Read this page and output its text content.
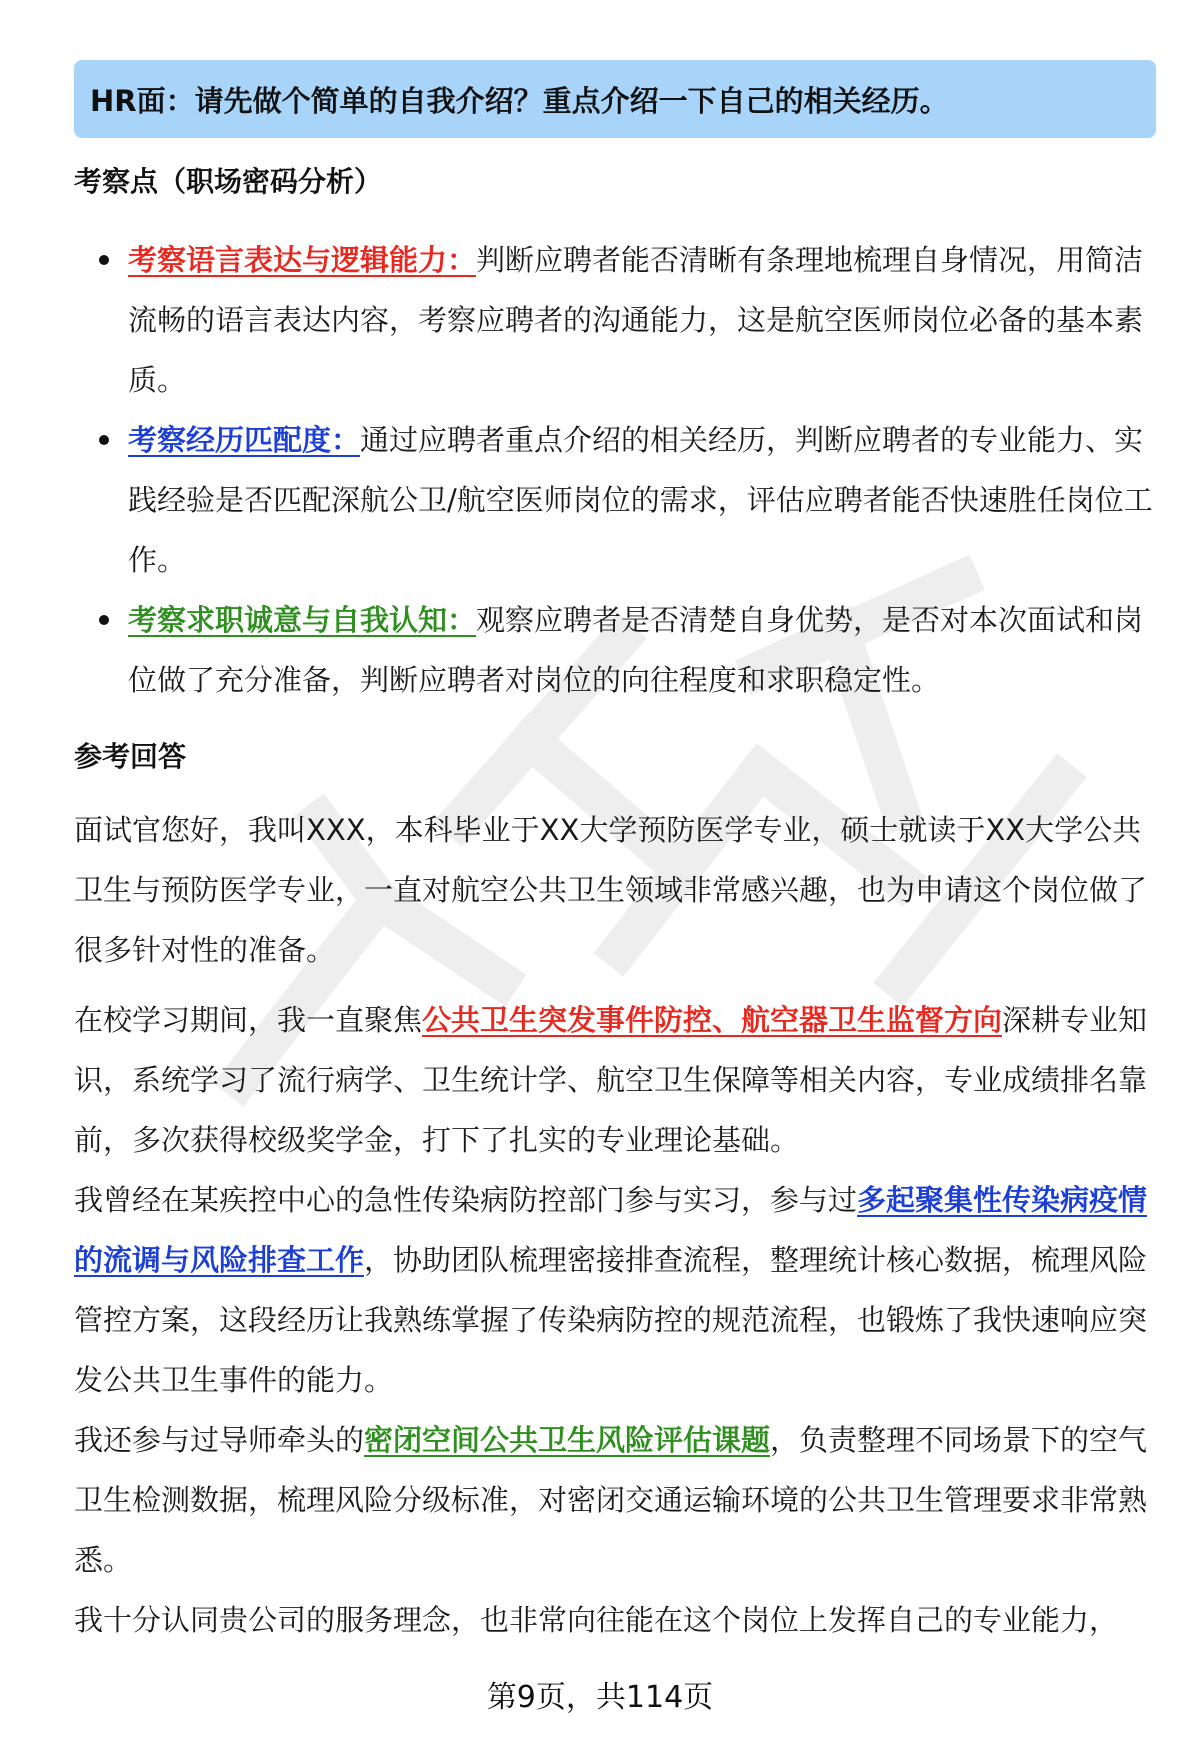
HR面：请先做个简单的自我介绍？重点介绍一下自己的相关经历。
考察点（职场密码分析）
考察语言表达与逻辑能力：判断应聘者能否清晰有条理地梳理自身情况，用简洁流畅的语言表达内容，考察应聘者的沟通能力，这是航空医师岗位必备的基本素质。
考察经历匹配度：通过应聘者重点介绍的相关经历，判断应聘者的专业能力、实践经验是否匹配深航公卫/航空医师岗位的需求，评估应聘者能否快速胜任岗位工作。
考察求职诚意与自我认知：观察应聘者是否清楚自身优势，是否对本次面试和岗位做了充分准备，判断应聘者对岗位的向往程度和求职稳定性。
参考回答

面试官您好，我叫XXX，本科毕业于XX大学预防医学专业，硕士就读于XX大学公共卫生与预防医学专业，一直对航空公共卫生领域非常感兴趣，也为申请这个岗位做了很多针对性的准备。

在校学习期间，我一直聚焦公共卫生突发事件防控、航空器卫生监督方向深耕专业知识，系统学习了流行病学、卫生统计学、航空卫生保障等相关内容，专业成绩排名靠前，多次获得校级奖学金，打下了扎实的专业理论基础。

我曾经在某疾控中心的急性传染病防控部门参与实习，参与过多起聚集性传染病疫情的流调与风险排查工作，协助团队梳理密接排查流程，整理统计核心数据，梳理风险管控方案，这段经历让我熟练掌握了传染病防控的规范流程，也锻炼了我快速响应突发公共卫生事件的能力。

我还参与过导师牵头的密闭空间公共卫生风险评估课题，负责整理不同场景下的空气卫生检测数据，梳理风险分级标准，对密闭交通运输环境的公共卫生管理要求非常熟悉。

我十分认同贵公司的服务理念，也非常向往能在这个岗位上发挥自己的专业能力，

第9页，共114页
